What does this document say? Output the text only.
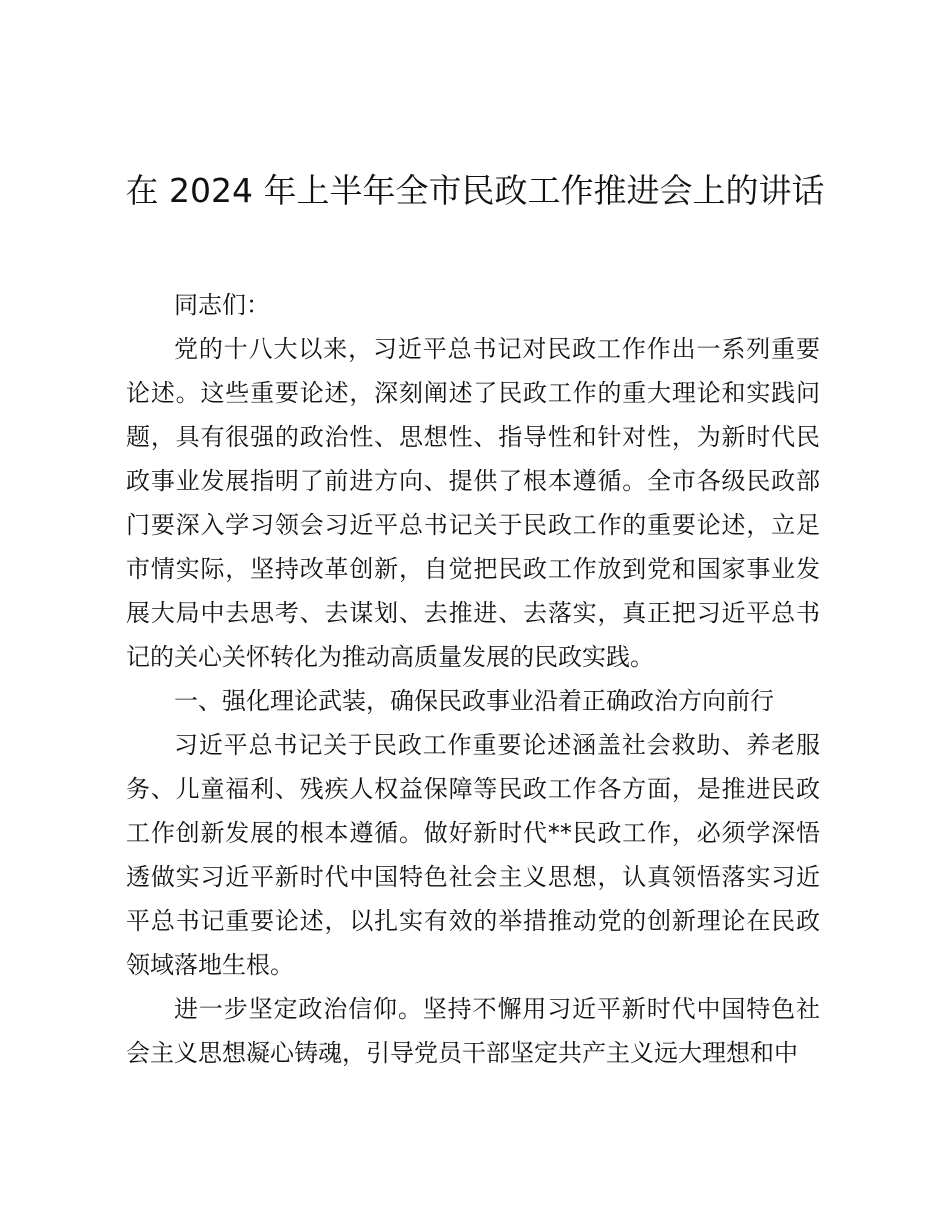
在 2024 年上半年全市民政工作推进会上的讲话

同志们：

党的十八大以来，习近平总书记对民政工作作出一系列重要论述。这些重要论述，深刻阐述了民政工作的重大理论和实践问题，具有很强的政治性、思想性、指导性和针对性，为新时代民政事业发展指明了前进方向、提供了根本遵循。全市各级民政部门要深入学习领会习近平总书记关于民政工作的重要论述，立足市情实际，坚持改革创新，自觉把民政工作放到党和国家事业发展大局中去思考、去谋划、去推进、去落实，真正把习近平总书记的关心关怀转化为推动高质量发展的民政实践。

一、强化理论武装，确保民政事业沿着正确政治方向前行

习近平总书记关于民政工作重要论述涵盖社会救助、养老服务、儿童福利、残疾人权益保障等民政工作各方面，是推进民政工作创新发展的根本遵循。做好新时代**民政工作，必须学深悟透做实习近平新时代中国特色社会主义思想，认真领悟落实习近平总书记重要论述，以扎实有效的举措推动党的创新理论在民政领域落地生根。

进一步坚定政治信仰。坚持不懈用习近平新时代中国特色社会主义思想凝心铸魂，引导党员干部坚定共产主义远大理想和中
